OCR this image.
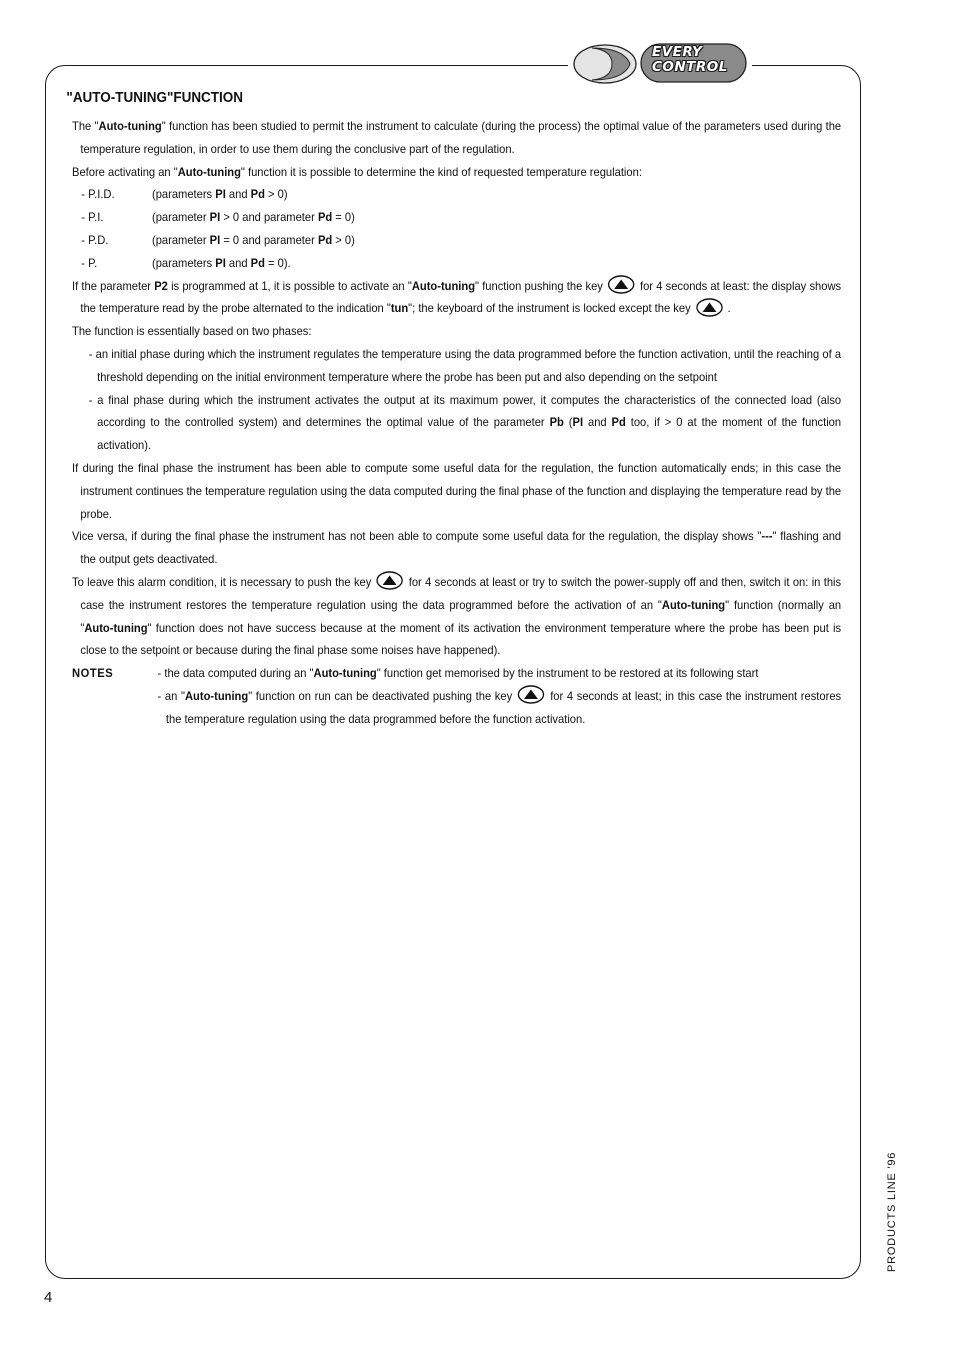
EVERY
CONTROL
"AUTO-TUNING"FUNCTION

The "Auto-tuning" function has been studied to permit the instrument to calculate (during the process) the optimal value of the parameters used during the temperature regulation, in order to use them during the conclusive part of the regulation.

Before activating an "Auto-tuning" function it is possible to determine the kind of requested temperature regulation:

- P.I.D.	(parameters PI and Pd > 0)

- P.I.	(parameter PI > 0 and parameter Pd = 0)

- P.D.	(parameter PI = 0 and parameter Pd > 0)

- P.	(parameters PI and Pd = 0).

If the parameter P2 is programmed at 1, it is possible to activate an "Auto-tuning" function pushing the key	for 4 seconds at least: the display shows the temperature read by the probe alternated to the indication "tun"; the keyboard of the instrument is locked except the key	.

The function is essentially based on two phases:

- an initial phase during which the instrument regulates the temperature using the data programmed before the function activation, until the reaching of a threshold depending on the initial environment temperature where the probe has been put and also depending on the setpoint

- a final phase during which the instrument activates the output at its maximum power, it computes the characteristics of the connected load (also according to the controlled system) and determines the optimal value of the parameter Pb (PI and Pd too, if > 0 at the moment of the function activation).

If during the final phase the instrument has been able to compute some useful data for the regulation, the function automatically ends; in this case the instrument continues the temperature regulation using the data computed during the final phase of the function and displaying the temperature read by the probe.

Vice versa, if during the final phase the instrument has not been able to compute some useful data for the regulation, the display shows "---" flashing and the output gets deactivated.

To leave this alarm condition, it is necessary to push the key	for 4 seconds at least or try to switch the power-supply off and then, switch it on: in this case the instrument restores the temperature regulation using the data programmed before the activation of an "Auto-tuning" function (normally an "Auto-tuning" function does not have success because at the moment of its activation the environment temperature where the probe has been put is close to the setpoint or because during the final phase some noises have happened).

NOTES	- the data computed during an "Auto-tuning" function get memorised by the instrument to be restored at its following start

- an "Auto-tuning" function on run can be deactivated pushing the key	for 4 seconds at least; in this case the instrument restores the temperature regulation using the data programmed before the function activation.

4
PRODUCTS LINE '96
